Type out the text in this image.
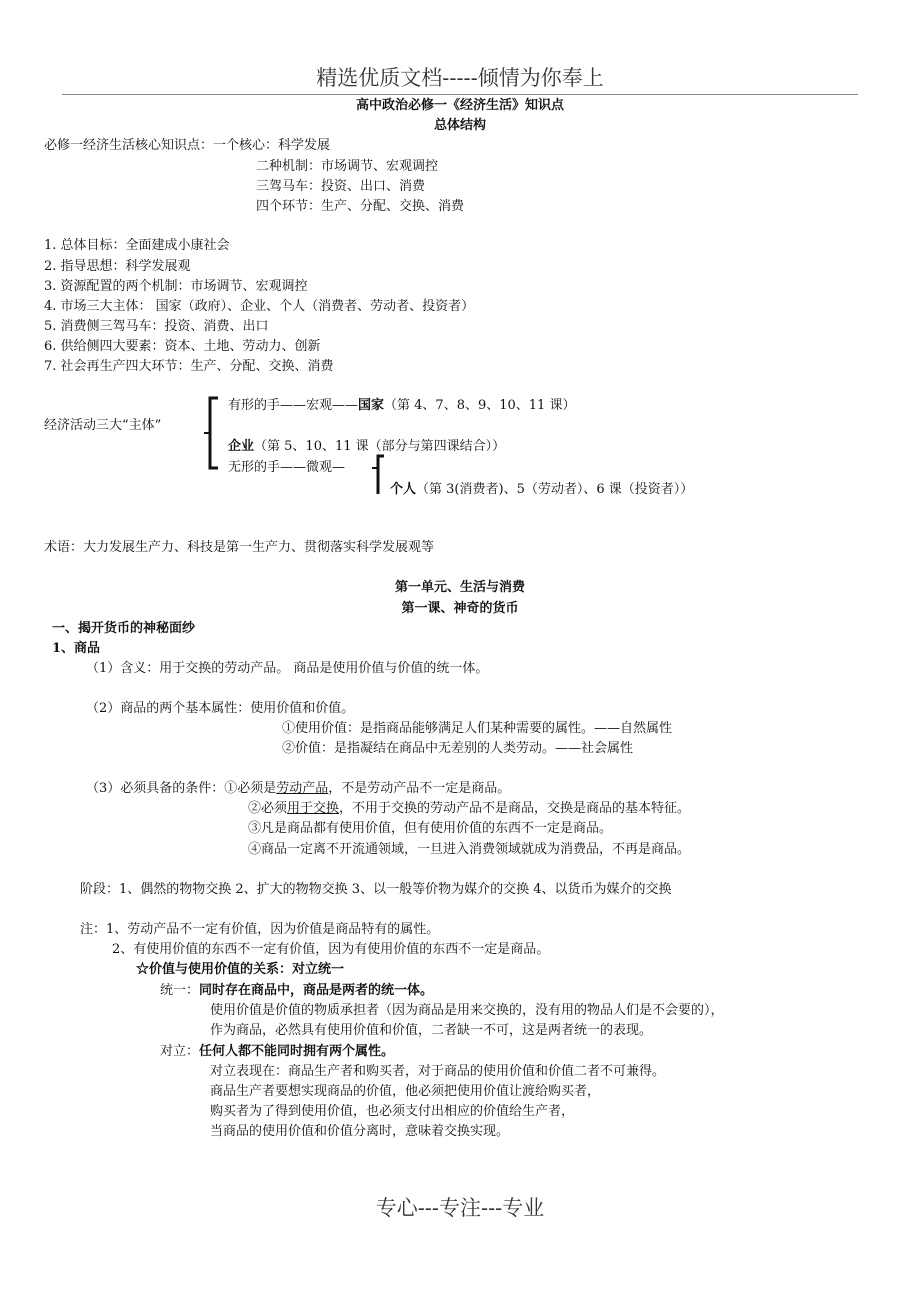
精选优质文档-----倾情为你奉上
高中政治必修一《经济生活》知识点
总体结构
必修一经济生活核心知识点：一个核心：科学发展
二种机制：市场调节、宏观调控
三驾马车：投资、出口、消费
四个环节：生产、分配、交换、消费
1. 总体目标：全面建成小康社会
2. 指导思想：科学发展观
3. 资源配置的两个机制：市场调节、宏观调控
4. 市场三大主体： 国家（政府）、企业、个人（消费者、劳动者、投资者）
5. 消费侧三驾马车：投资、消费、出口
6. 供给侧四大要素：资本、土地、劳动力、创新
7. 社会再生产四大环节：生产、分配、交换、消费
经济活动三大“主体”
有形的手——宏观——国家（第 4、7、8、9、10、11 课）
企业（第 5、10、11 课（部分与第四课结合））
无形的手——微观—
个人（第 3(消费者)、5（劳动者）、6 课（投资者））
术语：大力发展生产力、科技是第一生产力、贯彻落实科学发展观等
第一单元、生活与消费
第一课、神奇的货币
一、揭开货币的神秘面纱
1、商品
（1）含义：用于交换的劳动产品。 商品是使用价值与价值的统一体。
（2）商品的两个基本属性：使用价值和价值。
①使用价值：是指商品能够满足人们某种需要的属性。——自然属性
②价值：是指凝结在商品中无差别的人类劳动。——社会属性
（3）必须具备的条件：①必须是劳动产品，不是劳动产品不一定是商品。
②必须用于交换，不用于交换的劳动产品不是商品，交换是商品的基本特征。
③凡是商品都有使用价值，但有使用价值的东西不一定是商品。
④商品一定离不开流通领域，一旦进入消费领域就成为消费品，不再是商品。
阶段：1、偶然的物物交换 2、扩大的物物交换 3、以一般等价物为媒介的交换 4、以货币为媒介的交换
注：1、劳动产品不一定有价值，因为价值是商品特有的属性。
2、有使用价值的东西不一定有价值，因为有使用价值的东西不一定是商品。
☆价值与使用价值的关系：对立统一
统一：同时存在商品中，商品是两者的统一体。
使用价值是价值的物质承担者（因为商品是用来交换的，没有用的物品人们是不会要的），
作为商品，必然具有使用价值和价值，二者缺一不可，这是两者统一的表现。
对立：任何人都不能同时拥有两个属性。
对立表现在：商品生产者和购买者，对于商品的使用价值和价值二者不可兼得。
商品生产者要想实现商品的价值，他必须把使用价值让渡给购买者，
购买者为了得到使用价值，也必须支付出相应的价值给生产者，
当商品的使用价值和价值分离时，意味着交换实现。
专心---专注---专业
